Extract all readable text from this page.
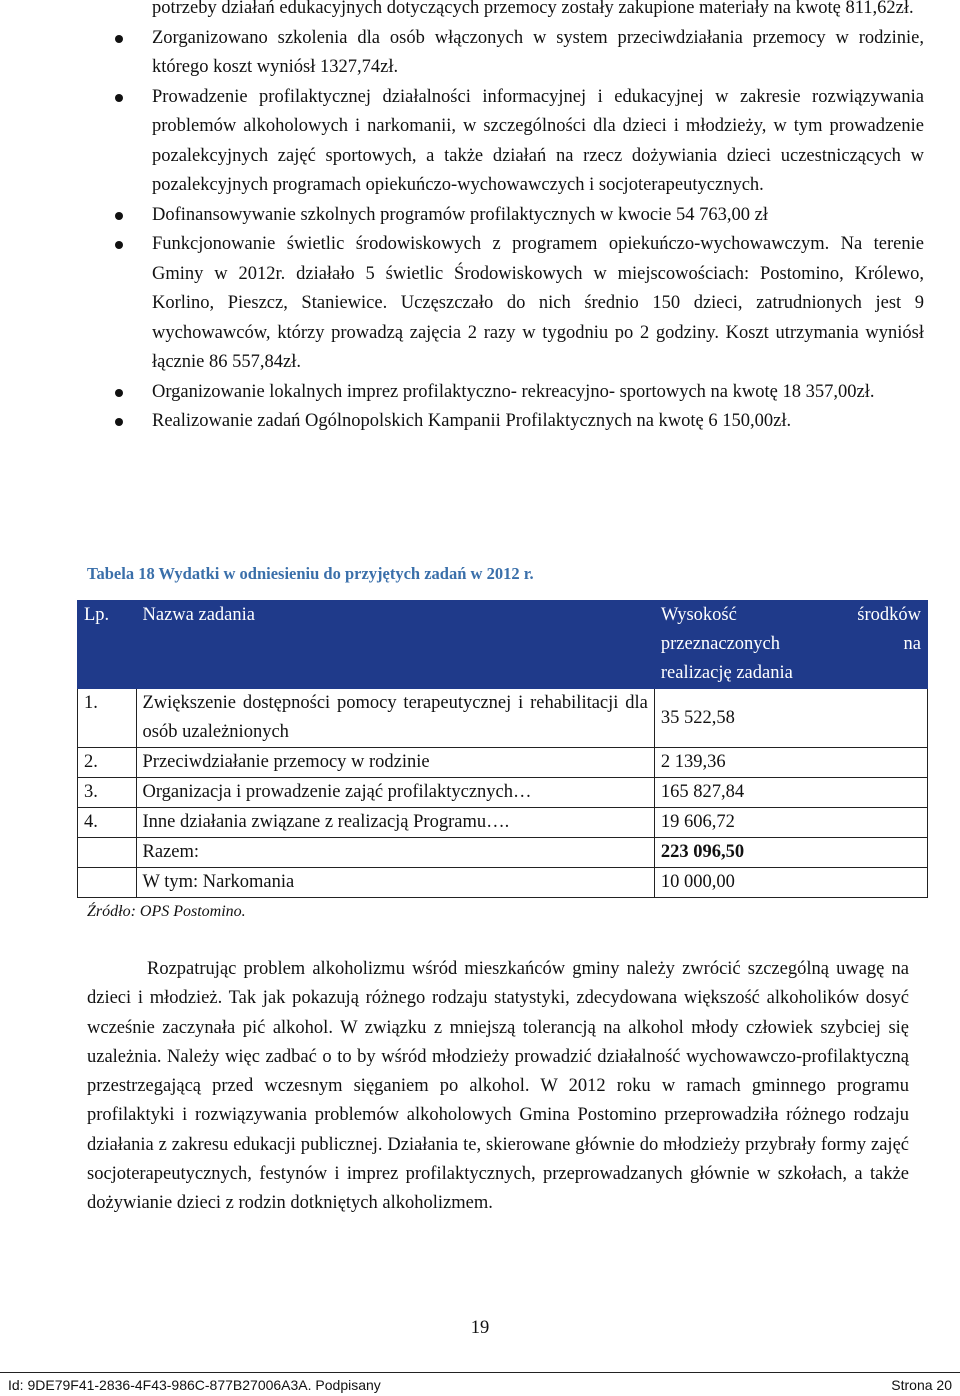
potrzeby działań edukacyjnych dotyczących przemocy zostały zakupione materiały na kwotę 811,62zł.
Zorganizowano szkolenia dla osób włączonych w system przeciwdziałania przemocy w rodzinie, którego koszt wyniósł 1327,74zł.
Prowadzenie profilaktycznej działalności informacyjnej i edukacyjnej w zakresie rozwiązywania problemów alkoholowych i narkomanii, w szczególności dla dzieci i młodzieży, w tym prowadzenie pozalekcyjnych zajęć sportowych, a także działań na rzecz dożywiania dzieci uczestniczących w pozalekcyjnych programach opiekuńczo-wychowawczych i socjoterapeutycznych.
Dofinansowywanie szkolnych programów profilaktycznych w kwocie 54 763,00 zł
Funkcjonowanie świetlic środowiskowych z programem opiekuńczo-wychowawczym. Na terenie Gminy w 2012r. działało 5 świetlic Środowiskowych w miejscowościach: Postomino, Królewo, Korlino, Pieszcz, Staniewice. Uczęszczało do nich średnio 150 dzieci, zatrudnionych jest 9 wychowawców, którzy prowadzą zajęcia 2 razy w tygodniu po 2 godziny. Koszt utrzymania wyniósł łącznie 86 557,84zł.
Organizowanie lokalnych imprez profilaktyczno- rekreacyjno- sportowych na kwotę 18 357,00zł.
Realizowanie zadań Ogólnopolskich Kampanii Profilaktycznych na kwotę 6 150,00zł.
Tabela 18 Wydatki w odniesieniu do przyjętych zadań w 2012 r.
Lp.	Nazwa zadania	Wysokość środków
przeznaczonych na
realizację zadania

1.	Zwiększenie dostępności pomocy terapeutycznej i rehabilitacji dla osób uzależnionych	35 522,58
2.	Przeciwdziałanie przemocy w rodzinie	2 139,36
3.	Organizacja i prowadzenie zająć profilaktycznych…	165 827,84
4.	Inne działania związane z realizacją Programu….	19 606,72
	Razem:	223 096,50
	W tym: Narkomania	10 000,00
Źródło: OPS Postomino.

Rozpatrując problem alkoholizmu wśród mieszkańców gminy należy zwrócić szczególną uwagę na dzieci i młodzież. Tak jak pokazują różnego rodzaju statystyki, zdecydowana większość alkoholików dosyć wcześnie zaczynała pić alkohol. W związku z mniejszą tolerancją na alkohol młody człowiek szybciej się uzależnia. Należy więc zadbać o to by wśród młodzieży prowadzić działalność wychowawczo-profilaktyczną przestrzegającą przed wczesnym sięganiem po alkohol. W 2012 roku w ramach gminnego programu profilaktyki i rozwiązywania problemów alkoholowych Gmina Postomino przeprowadziła różnego rodzaju działania z zakresu edukacji publicznej. Działania te, skierowane głównie do młodzieży przybrały formy zajęć socjoterapeutycznych, festynów i imprez profilaktycznych, przeprowadzanych głównie w szkołach, a także dożywianie dzieci z rodzin dotkniętych alkoholizmem.

19
Id: 9DE79F41-2836-4F43-986C-877B27006A3A. Podpisany	Strona 20
